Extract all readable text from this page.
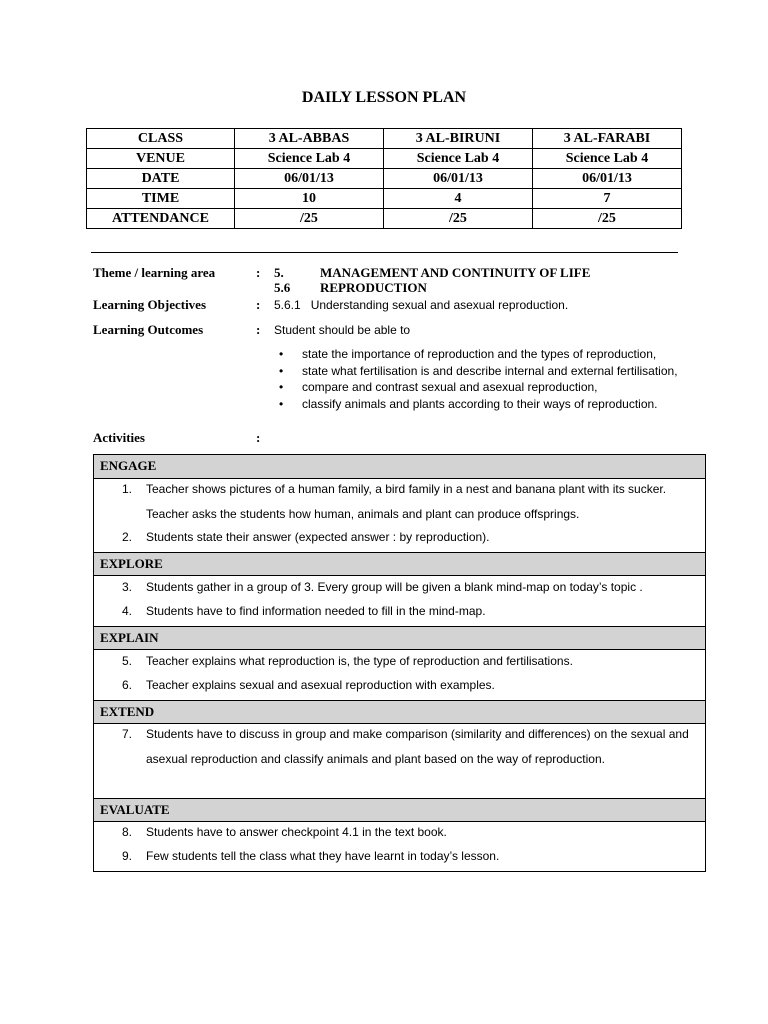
DAILY LESSON PLAN
CLASS	3 AL-ABBAS	3 AL-BIRUNI	3 AL-FARABI
VENUE	Science Lab 4	Science Lab 4	Science Lab 4
DATE	06/01/13	06/01/13	06/01/13
TIME	10	4	7
ATTENDANCE	/25	/25	/25
Theme / learning area	: 5.	MANAGEMENT AND CONTINUITY OF LIFE
5.6 REPRODUCTION
Learning Objectives	: 5.6.1   Understanding sexual and asexual reproduction.
Learning Outcomes	: Student should be able to
• state the importance of reproduction and the types of reproduction,
• state what fertilisation is and describe internal and external fertilisation,
• compare and contrast sexual and asexual reproduction,
• classify animals and plants according to their ways of reproduction.
Activities	:
ENGAGE
1. Teacher shows pictures of a human family, a bird family in a nest and banana plant with its sucker. Teacher asks the students how human, animals and plant can produce offsprings.
2. Students state their answer (expected answer : by reproduction).
EXPLORE
3. Students gather in a group of 3. Every group will be given a blank mind-map on today’s topic .
4. Students have to find information needed to fill in the mind-map.
EXPLAIN
5. Teacher explains what reproduction is, the type of reproduction and fertilisations.
6. Teacher explains sexual and asexual reproduction with examples.
EXTEND
7. Students have to discuss in group and make comparison (similarity and differences) on the sexual and asexual reproduction and classify animals and plant based on the way of reproduction.
EVALUATE
8. Students have to answer checkpoint 4.1 in the text book.
9. Few students tell the class what they have learnt in today’s lesson.
